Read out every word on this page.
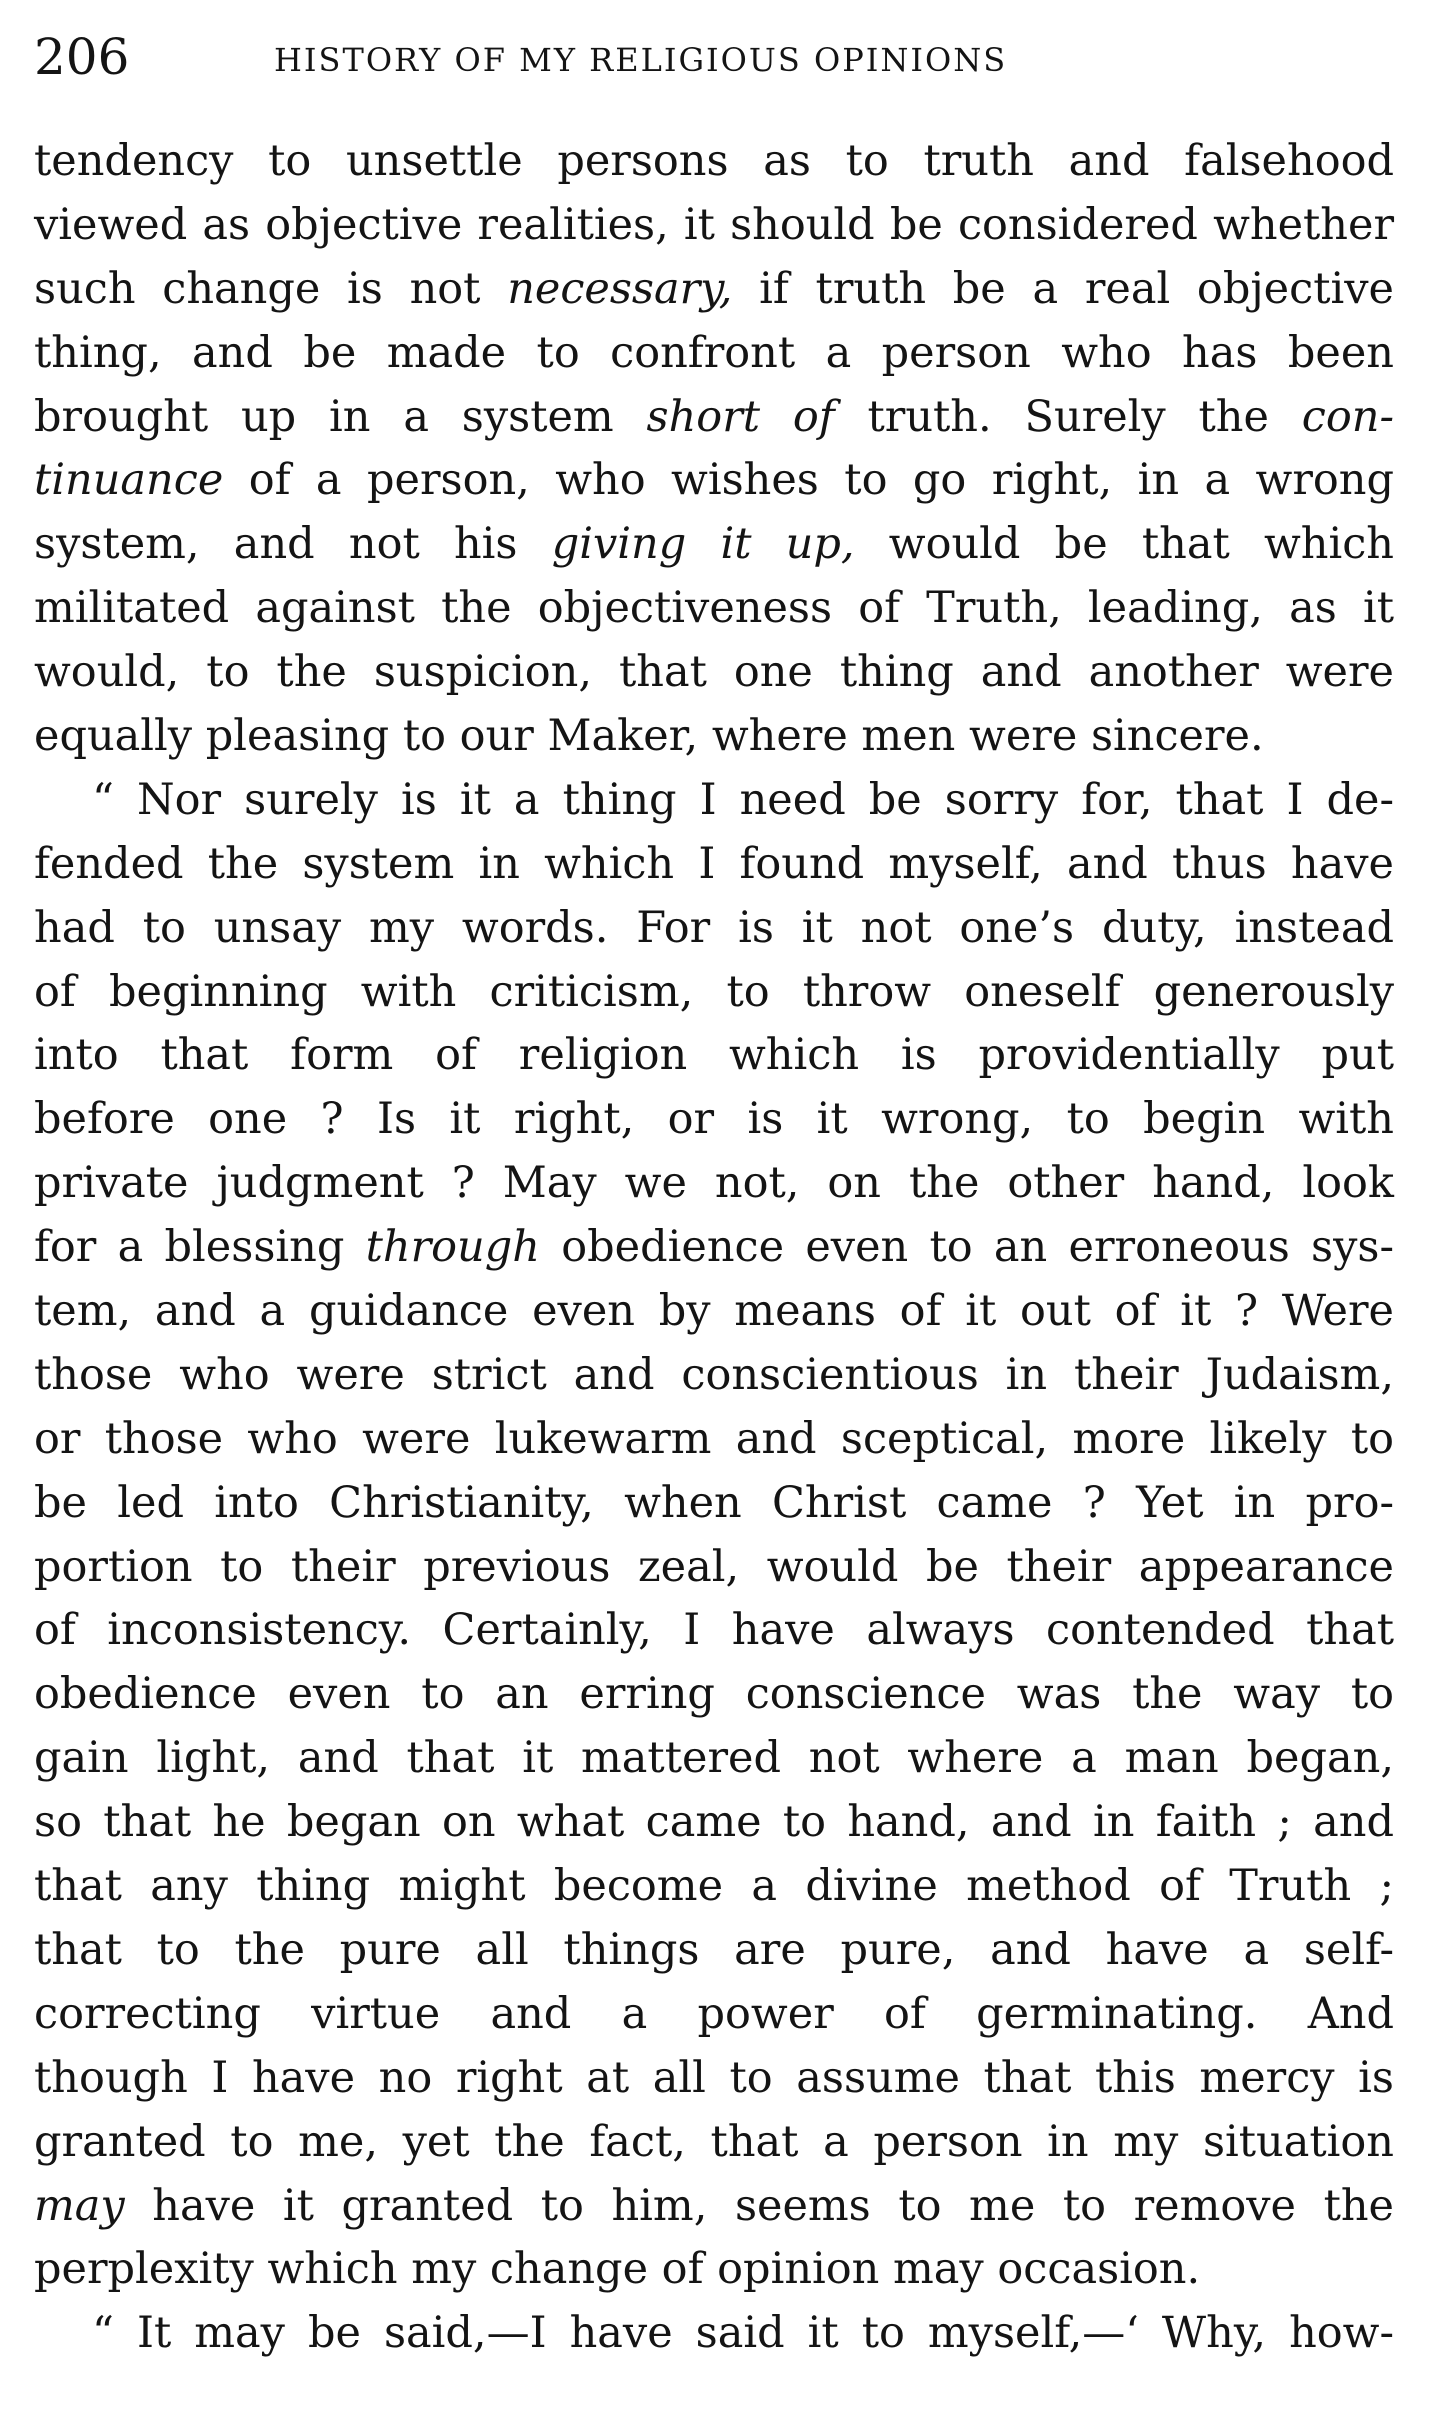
206	HISTORY OF MY RELIGIOUS OPINIONS
tendency to unsettle persons as to truth and falsehood
viewed as objective realities, it should be considered whether
such change is not necessary, if truth be a real objective
thing, and be made to confront a person who has been
brought up in a system short of truth. Surely the con-
tinuance of a person, who wishes to go right, in a wrong
system, and not his giving it up, would be that which
militated against the objectiveness of Truth, leading, as it
would, to the suspicion, that one thing and another were
equally pleasing to our Maker, where men were sincere.
“ Nor surely is it a thing I need be sorry for, that I de-
fended the system in which I found myself, and thus have
had to unsay my words. For is it not one’s duty, instead
of beginning with criticism, to throw oneself generously
into that form of religion which is providentially put
before one ? Is it right, or is it wrong, to begin with
private judgment ? May we not, on the other hand, look
for a blessing through obedience even to an erroneous sys-
tem, and a guidance even by means of it out of it ? Were
those who were strict and conscientious in their Judaism,
or those who were lukewarm and sceptical, more likely to
be led into Christianity, when Christ came ? Yet in pro-
portion to their previous zeal, would be their appearance
of inconsistency. Certainly, I have always contended that
obedience even to an erring conscience was the way to
gain light, and that it mattered not where a man began,
so that he began on what came to hand, and in faith ; and
that any thing might become a divine method of Truth ;
that to the pure all things are pure, and have a self-
correcting virtue and a power of germinating. And
though I have no right at all to assume that this mercy is
granted to me, yet the fact, that a person in my situation
may have it granted to him, seems to me to remove the
perplexity which my change of opinion may occasion.
“ It may be said,—I have said it to myself,—‘ Why, how-
